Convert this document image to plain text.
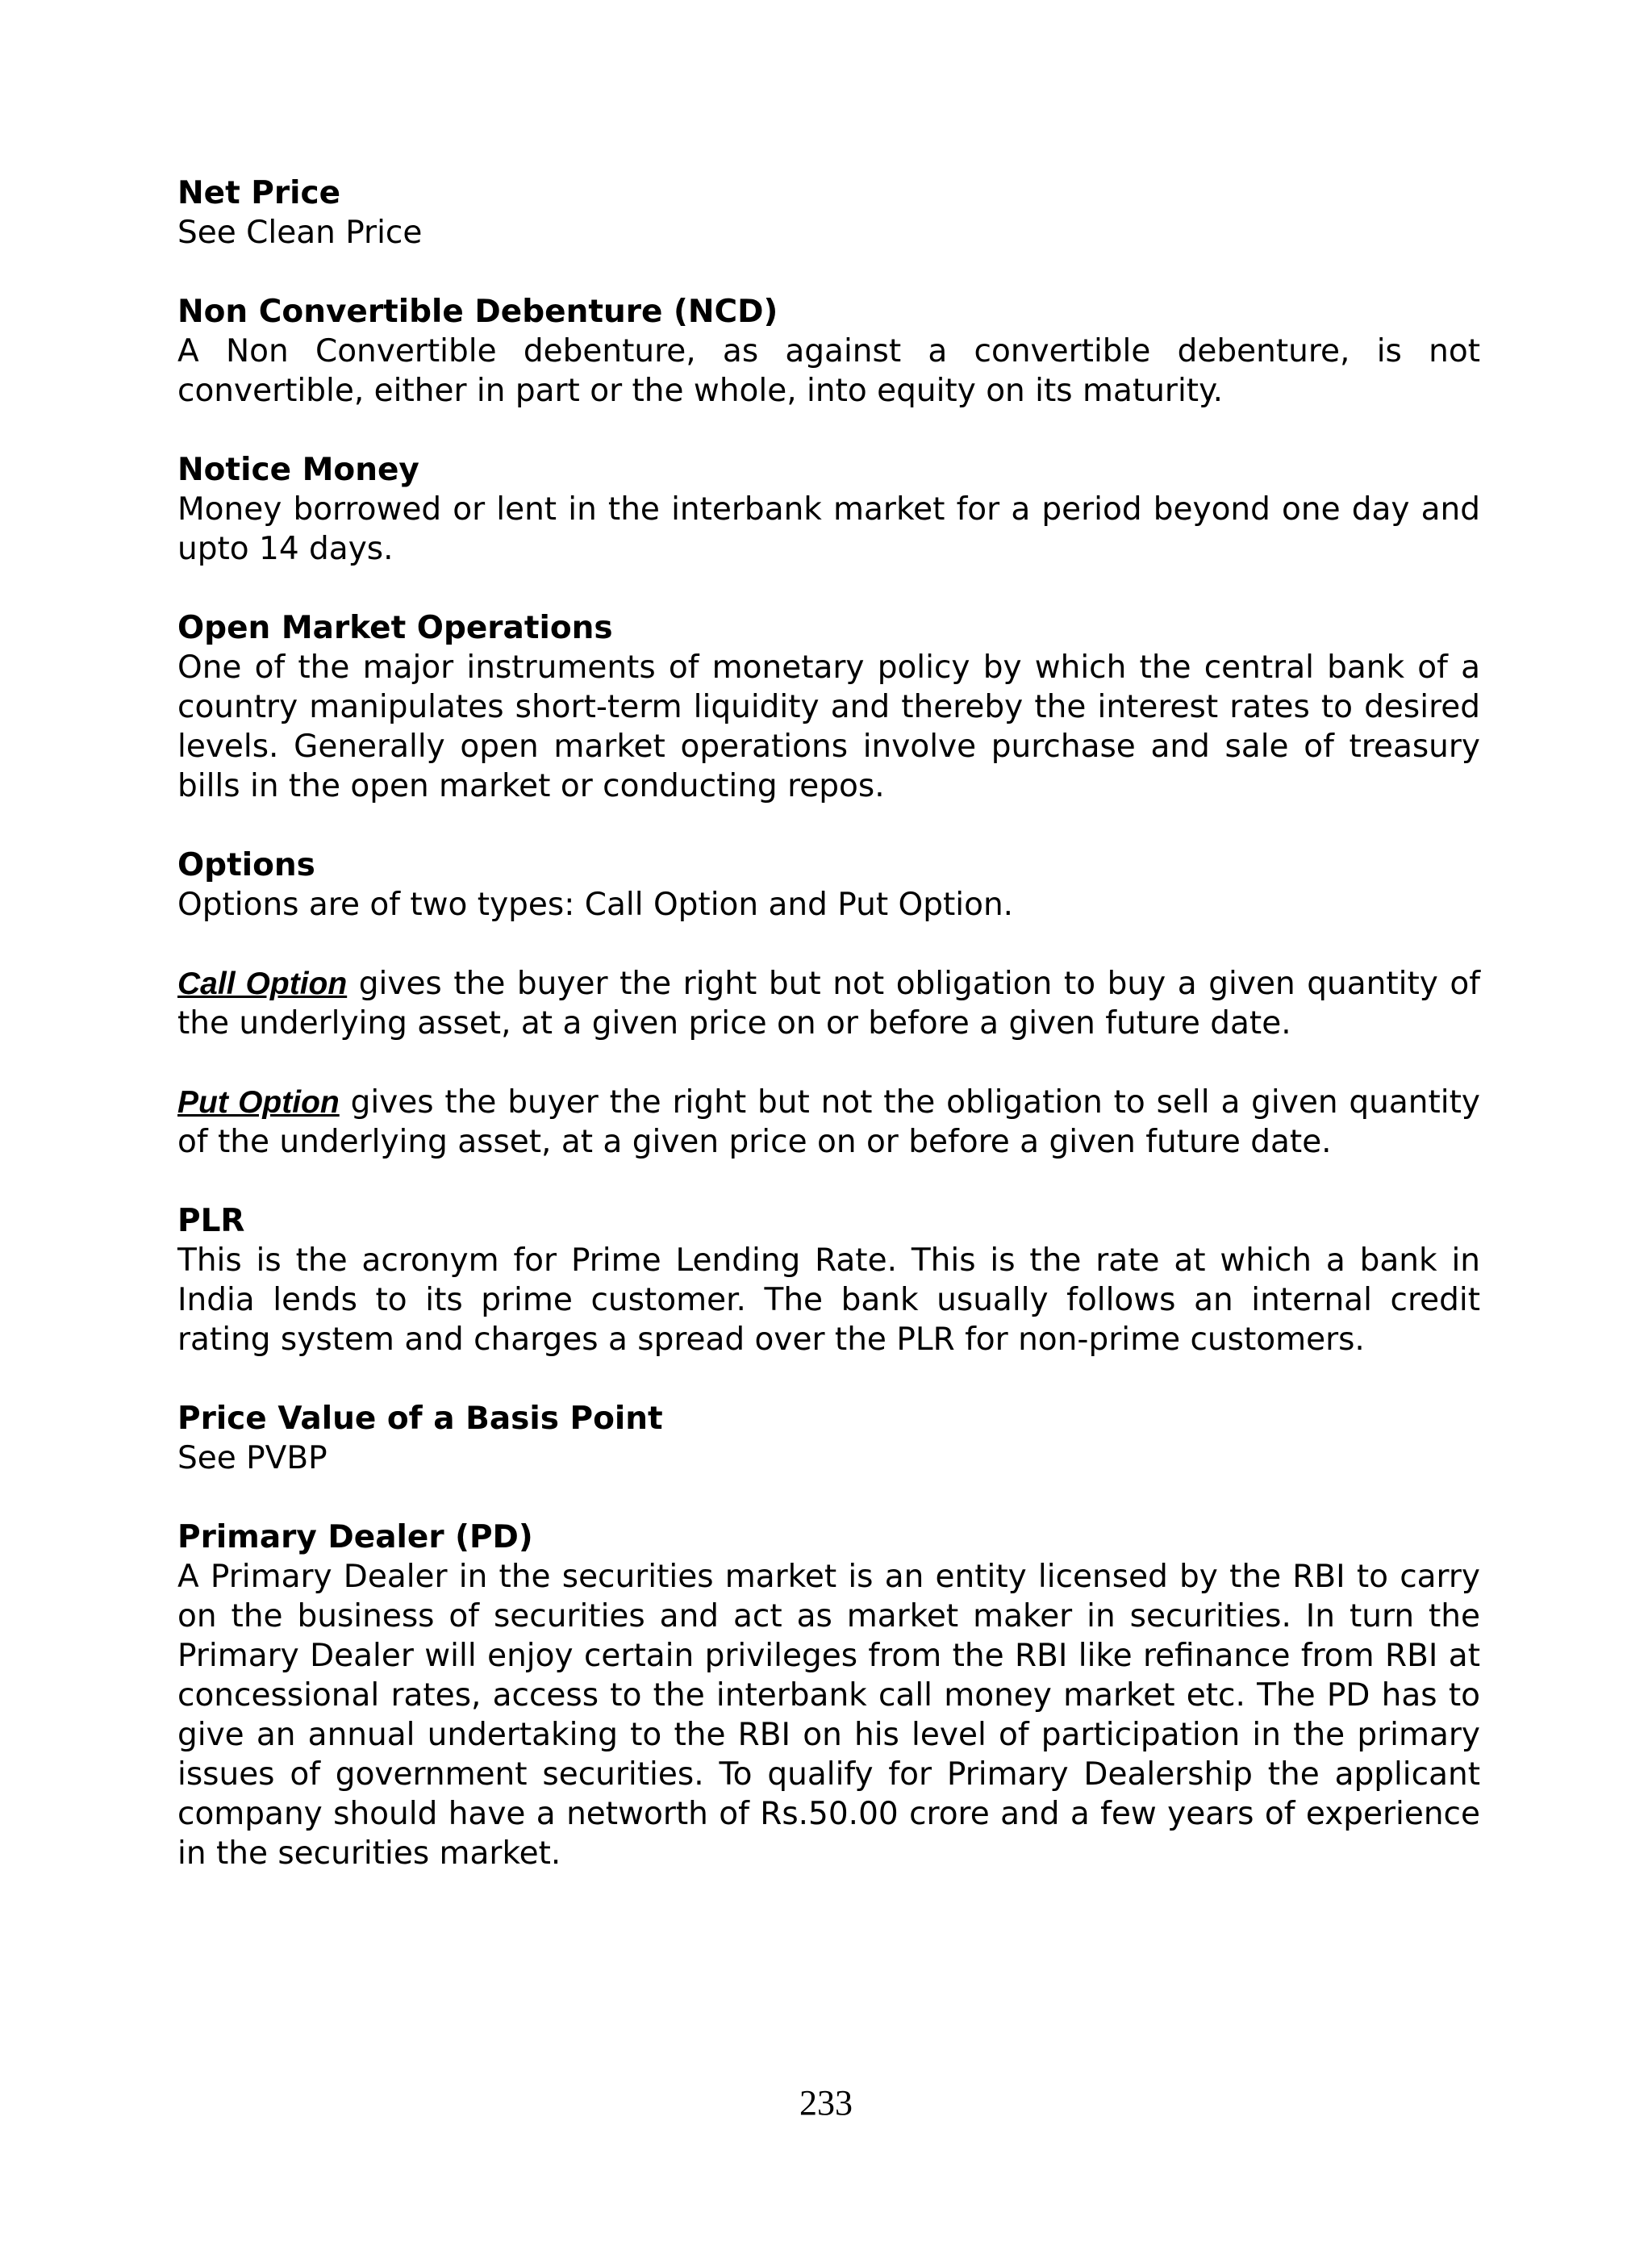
Net Price

See Clean Price

Non Convertible Debenture (NCD)

A Non Convertible debenture, as against a convertible debenture, is not convertible, either in part or the whole, into equity on its maturity.

Notice Money

Money borrowed or lent in the interbank market for a period beyond one day and upto 14 days.

Open Market Operations

One of the major instruments of monetary policy by which the central bank of a country manipulates short-term liquidity and thereby the interest rates to desired levels. Generally open market operations involve purchase and sale of treasury bills in the open market or conducting repos.

Options

Options are of two types: Call Option and Put Option.

Call Option gives the buyer the right but not obligation to buy a given quantity of the underlying asset, at a given price on or before a given future date.

Put Option gives the buyer the right but not the obligation to sell a given quantity of the underlying asset, at a given price on or before a given future date.

PLR

This is the acronym for Prime Lending Rate. This is the rate at which a bank in India lends to its prime customer. The bank usually follows an internal credit rating system and charges a spread over the PLR for non-prime customers.

Price Value of a Basis Point

See PVBP

Primary Dealer (PD)

A Primary Dealer in the securities market is an entity licensed by the RBI to carry on the business of securities and act as market maker in securities. In turn the Primary Dealer will enjoy certain privileges from the RBI like refinance from RBI at concessional rates, access to the interbank call money market etc. The PD has to give an annual undertaking to the RBI on his level of participation in the primary issues of government securities. To qualify for Primary Dealership the applicant company should have a networth of Rs.50.00 crore and a few years of experience in the securities market.

233
